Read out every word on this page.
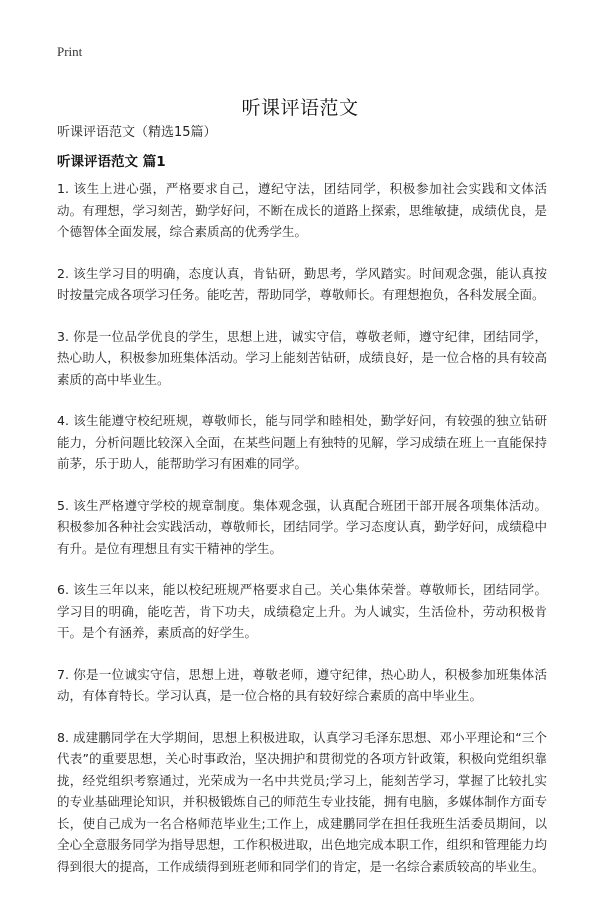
Print
听课评语范文
听课评语范文（精选15篇）
听课评语范文 篇1

1. 该生上进心强，严格要求自己，遵纪守法，团结同学，积极参加社会实践和文体活动。有理想，学习刻苦，勤学好问，不断在成长的道路上探索，思维敏捷，成绩优良，是个德智体全面发展，综合素质高的优秀学生。

2. 该生学习目的明确，态度认真，肯钻研，勤思考，学风踏实。时间观念强，能认真按时按量完成各项学习任务。能吃苦，帮助同学，尊敬师长。有理想抱负，各科发展全面。

3. 你是一位品学优良的学生，思想上进，诚实守信，尊敬老师，遵守纪律，团结同学，热心助人，积极参加班集体活动。学习上能刻苦钻研，成绩良好，是一位合格的具有较高素质的高中毕业生。

4. 该生能遵守校纪班规，尊敬师长，能与同学和睦相处，勤学好问，有较强的独立钻研能力，分析问题比较深入全面，在某些问题上有独特的见解，学习成绩在班上一直能保持前茅，乐于助人，能帮助学习有困难的同学。

5. 该生严格遵守学校的规章制度。集体观念强，认真配合班团干部开展各项集体活动。积极参加各种社会实践活动，尊敬师长，团结同学。学习态度认真，勤学好问，成绩稳中有升。是位有理想且有实干精神的学生。

6. 该生三年以来，能以校纪班规严格要求自己。关心集体荣誉。尊敬师长，团结同学。学习目的明确，能吃苦，肯下功夫，成绩稳定上升。为人诚实，生活俭朴，劳动积极肯干。是个有涵养，素质高的好学生。

7. 你是一位诚实守信，思想上进，尊敬老师，遵守纪律，热心助人，积极参加班集体活动，有体育特长。学习认真，是一位合格的具有较好综合素质的高中毕业生。

8. 成建鹏同学在大学期间，思想上积极进取，认真学习毛泽东思想、邓小平理论和“三个代表”的重要思想，关心时事政治，坚决拥护和贯彻党的各项方针政策，积极向党组织靠拢，经党组织考察通过，光荣成为一名中共党员;学习上，能刻苦学习，掌握了比较扎实的专业基础理论知识，并积极锻炼自己的师范生专业技能，拥有电脑，多媒体制作方面专长，使自己成为一名合格师范毕业生;工作上，成建鹏同学在担任我班生活委员期间，以全心全意服务同学为指导思想，工作积极进取，出色地完成本职工作，组织和管理能力均得到很大的提高，工作成绩得到班老师和同学们的肯定，是一名综合素质较高的毕业生。
